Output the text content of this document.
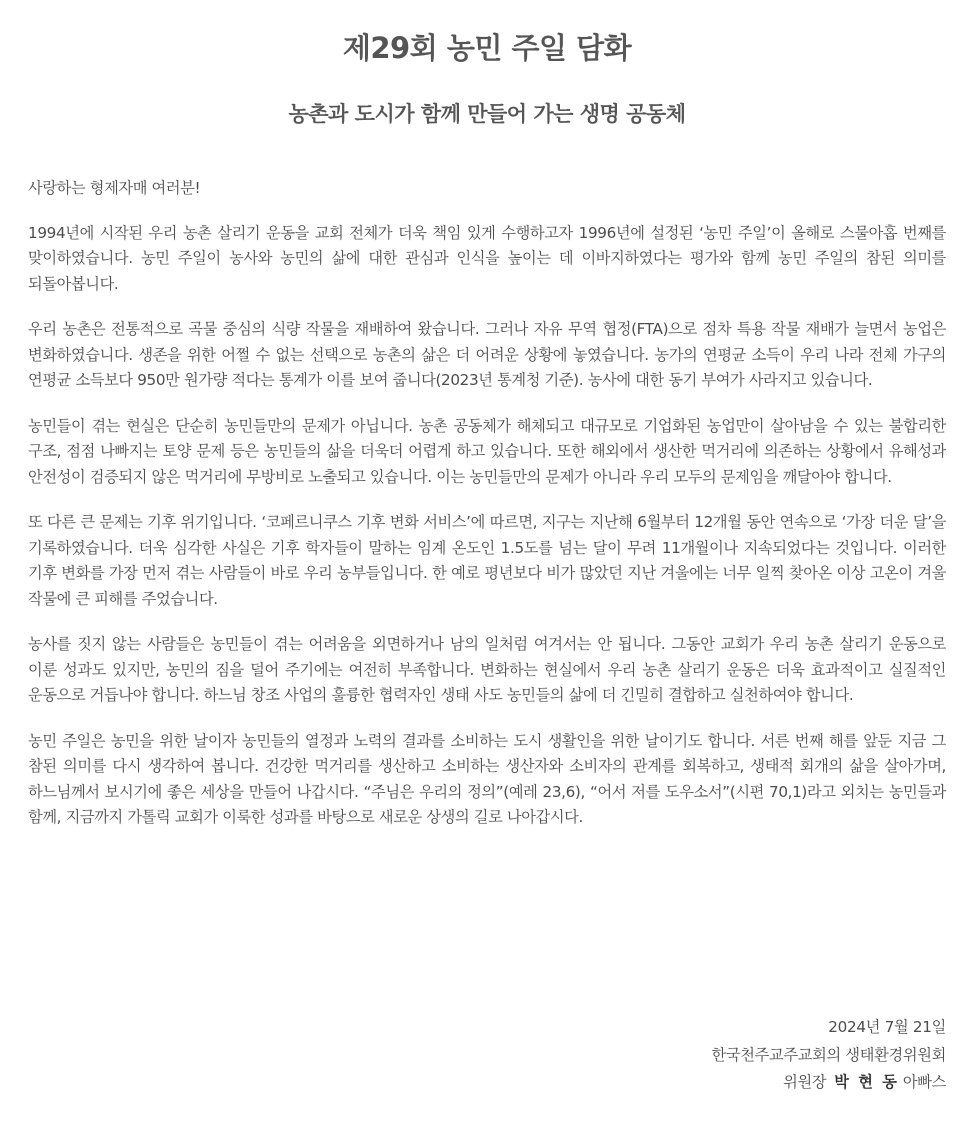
제29회 농민 주일 담화
농촌과 도시가 함께 만들어 가는 생명 공동체

사랑하는 형제자매 여러분!

1994년에 시작된 우리 농촌 살리기 운동을 교회 전체가 더욱 책임 있게 수행하고자 1996년에 설정된 ‘농민 주일’이 올해로 스물아홉 번째를 맞이하였습니다. 농민 주일이 농사와 농민의 삶에 대한 관심과 인식을 높이는 데 이바지하였다는 평가와 함께 농민 주일의 참된 의미를 되돌아봅니다.

우리 농촌은 전통적으로 곡물 중심의 식량 작물을 재배하여 왔습니다. 그러나 자유 무역 협정(FTA)으로 점차 특용 작물 재배가 늘면서 농업은 변화하였습니다. 생존을 위한 어쩔 수 없는 선택으로 농촌의 삶은 더 어려운 상황에 놓였습니다. 농가의 연평균 소득이 우리 나라 전체 가구의 연평균 소득보다 950만 원가량 적다는 통계가 이를 보여 줍니다(2023년 통계청 기준). 농사에 대한 동기 부여가 사라지고 있습니다.

농민들이 겪는 현실은 단순히 농민들만의 문제가 아닙니다. 농촌 공동체가 해체되고 대규모로 기업화된 농업만이 살아남을 수 있는 불합리한 구조, 점점 나빠지는 토양 문제 등은 농민들의 삶을 더욱더 어렵게 하고 있습니다. 또한 해외에서 생산한 먹거리에 의존하는 상황에서 유해성과 안전성이 검증되지 않은 먹거리에 무방비로 노출되고 있습니다. 이는 농민들만의 문제가 아니라 우리 모두의 문제임을 깨달아야 합니다.

또 다른 큰 문제는 기후 위기입니다. ‘코페르니쿠스 기후 변화 서비스’에 따르면, 지구는 지난해 6월부터 12개월 동안 연속으로 ‘가장 더운 달’을 기록하였습니다. 더욱 심각한 사실은 기후 학자들이 말하는 임계 온도인 1.5도를 넘는 달이 무려 11개월이나 지속되었다는 것입니다. 이러한 기후 변화를 가장 먼저 겪는 사람들이 바로 우리 농부들입니다. 한 예로 평년보다 비가 많았던 지난 겨울에는 너무 일찍 찾아온 이상 고온이 겨울 작물에 큰 피해를 주었습니다.

농사를 짓지 않는 사람들은 농민들이 겪는 어려움을 외면하거나 남의 일처럼 여겨서는 안 됩니다. 그동안 교회가 우리 농촌 살리기 운동으로 이룬 성과도 있지만, 농민의 짐을 덜어 주기에는 여전히 부족합니다. 변화하는 현실에서 우리 농촌 살리기 운동은 더욱 효과적이고 실질적인 운동으로 거듭나야 합니다. 하느님 창조 사업의 훌륭한 협력자인 생태 사도 농민들의 삶에 더 긴밀히 결합하고 실천하여야 합니다.

농민 주일은 농민을 위한 날이자 농민들의 열정과 노력의 결과를 소비하는 도시 생활인을 위한 날이기도 합니다. 서른 번째 해를 앞둔 지금 그 참된 의미를 다시 생각하여 봅니다. 건강한 먹거리를 생산하고 소비하는 생산자와 소비자의 관계를 회복하고, 생태적 회개의 삶을 살아가며, 하느님께서 보시기에 좋은 세상을 만들어 나갑시다. “주님은 우리의 정의”(예레 23,6), “어서 저를 도우소서”(시편 70,1)라고 외치는 농민들과 함께, 지금까지 가톨릭 교회가 이룩한 성과를 바탕으로 새로운 상생의 길로 나아갑시다.

2024년 7월 21일
한국천주교주교회의 생태환경위원회
위원장 박 현 동 아빠스
